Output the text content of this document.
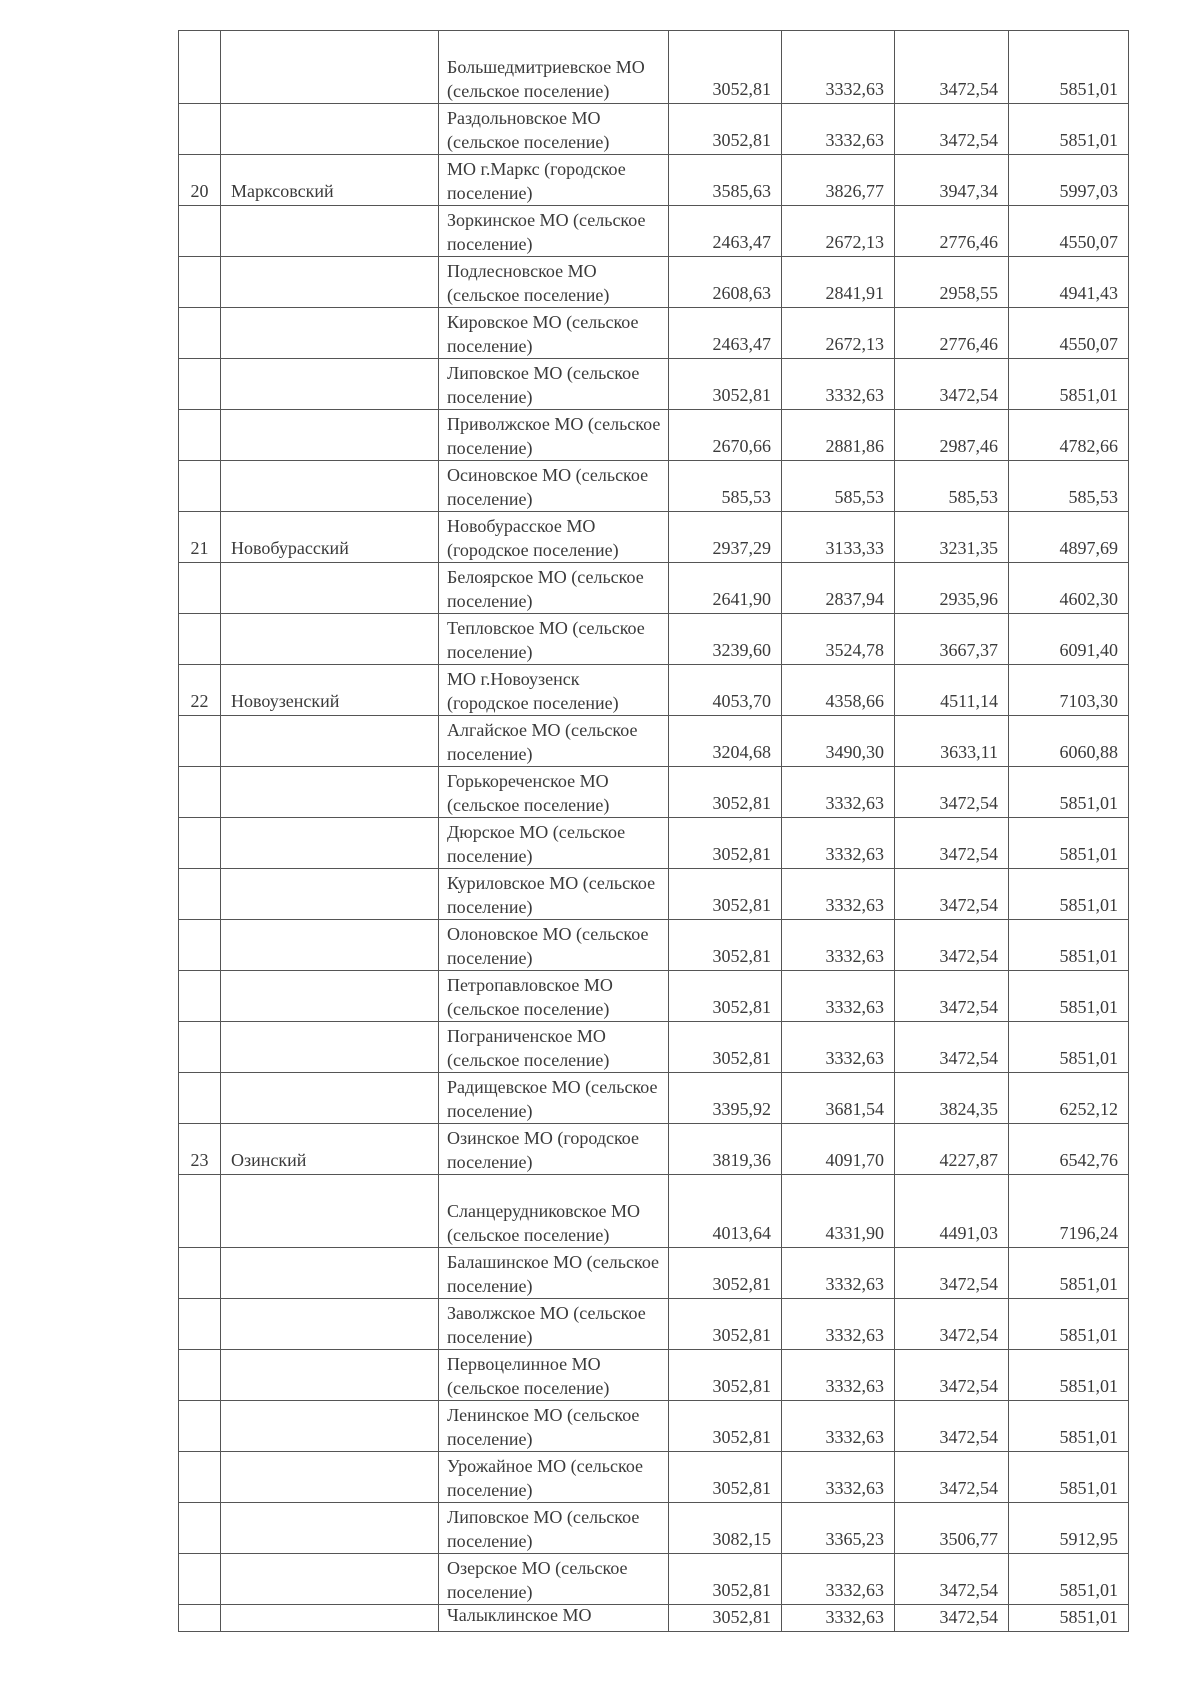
		Большедмитриевское МО (сельское поселение)	3052,81	3332,63	3472,54	5851,01
		Раздольновское МО (сельское поселение)	3052,81	3332,63	3472,54	5851,01
20	Марксовский	МО г.Маркс (городское поселение)	3585,63	3826,77	3947,34	5997,03
		Зоркинское МО (сельское поселение)	2463,47	2672,13	2776,46	4550,07
		Подлесновское МО (сельское поселение)	2608,63	2841,91	2958,55	4941,43
		Кировское МО (сельское поселение)	2463,47	2672,13	2776,46	4550,07
		Липовское МО (сельское поселение)	3052,81	3332,63	3472,54	5851,01
		Приволжское МО (сельское поселение)	2670,66	2881,86	2987,46	4782,66
		Осиновское МО (сельское поселение)	585,53	585,53	585,53	585,53
21	Новобурасский	Новобурасское МО (городское поселение)	2937,29	3133,33	3231,35	4897,69
		Белоярское МО (сельское поселение)	2641,90	2837,94	2935,96	4602,30
		Тепловское МО (сельское поселение)	3239,60	3524,78	3667,37	6091,40
22	Новоузенский	МО г.Новоузенск (городское поселение)	4053,70	4358,66	4511,14	7103,30
		Алгайское МО (сельское поселение)	3204,68	3490,30	3633,11	6060,88
		Горькореченское МО (сельское поселение)	3052,81	3332,63	3472,54	5851,01
		Дюрское МО (сельское поселение)	3052,81	3332,63	3472,54	5851,01
		Куриловское МО (сельское поселение)	3052,81	3332,63	3472,54	5851,01
		Олоновское МО (сельское поселение)	3052,81	3332,63	3472,54	5851,01
		Петропавловское МО (сельское поселение)	3052,81	3332,63	3472,54	5851,01
		Пограниченское МО (сельское поселение)	3052,81	3332,63	3472,54	5851,01
		Радищевское МО (сельское поселение)	3395,92	3681,54	3824,35	6252,12
23	Озинский	Озинское МО (городское поселение)	3819,36	4091,70	4227,87	6542,76
		Сланцерудниковское МО (сельское поселение)	4013,64	4331,90	4491,03	7196,24
		Балашинское МО (сельское поселение)	3052,81	3332,63	3472,54	5851,01
		Заволжское МО (сельское поселение)	3052,81	3332,63	3472,54	5851,01
		Первоцелинное МО (сельское поселение)	3052,81	3332,63	3472,54	5851,01
		Ленинское МО (сельское поселение)	3052,81	3332,63	3472,54	5851,01
		Урожайное МО (сельское поселение)	3052,81	3332,63	3472,54	5851,01
		Липовское МО (сельское поселение)	3082,15	3365,23	3506,77	5912,95
		Озерское МО (сельское поселение)	3052,81	3332,63	3472,54	5851,01
		Чалыклинское МО	3052,81	3332,63	3472,54	5851,01
